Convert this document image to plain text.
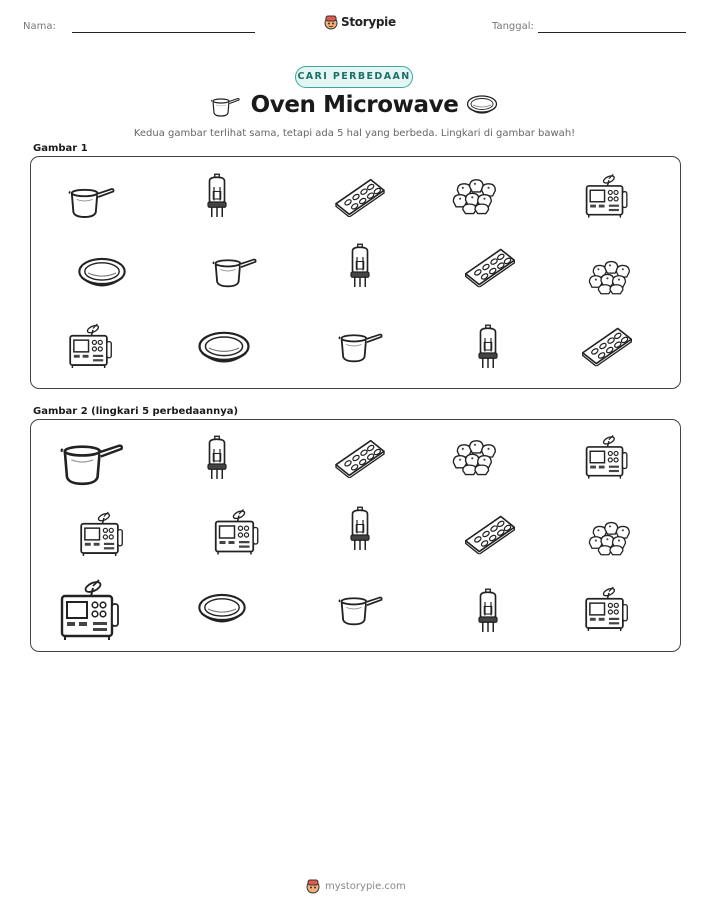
Nama:	Storypie	Tanggal:
CARI PERBEDAAN
Oven Microwave
Kedua gambar terlihat sama, tetapi ada 5 hal yang berbeda. Lingkari di gambar bawah!
Gambar 1
Gambar 2 (lingkari 5 perbedaannya)
mystorypie.com
